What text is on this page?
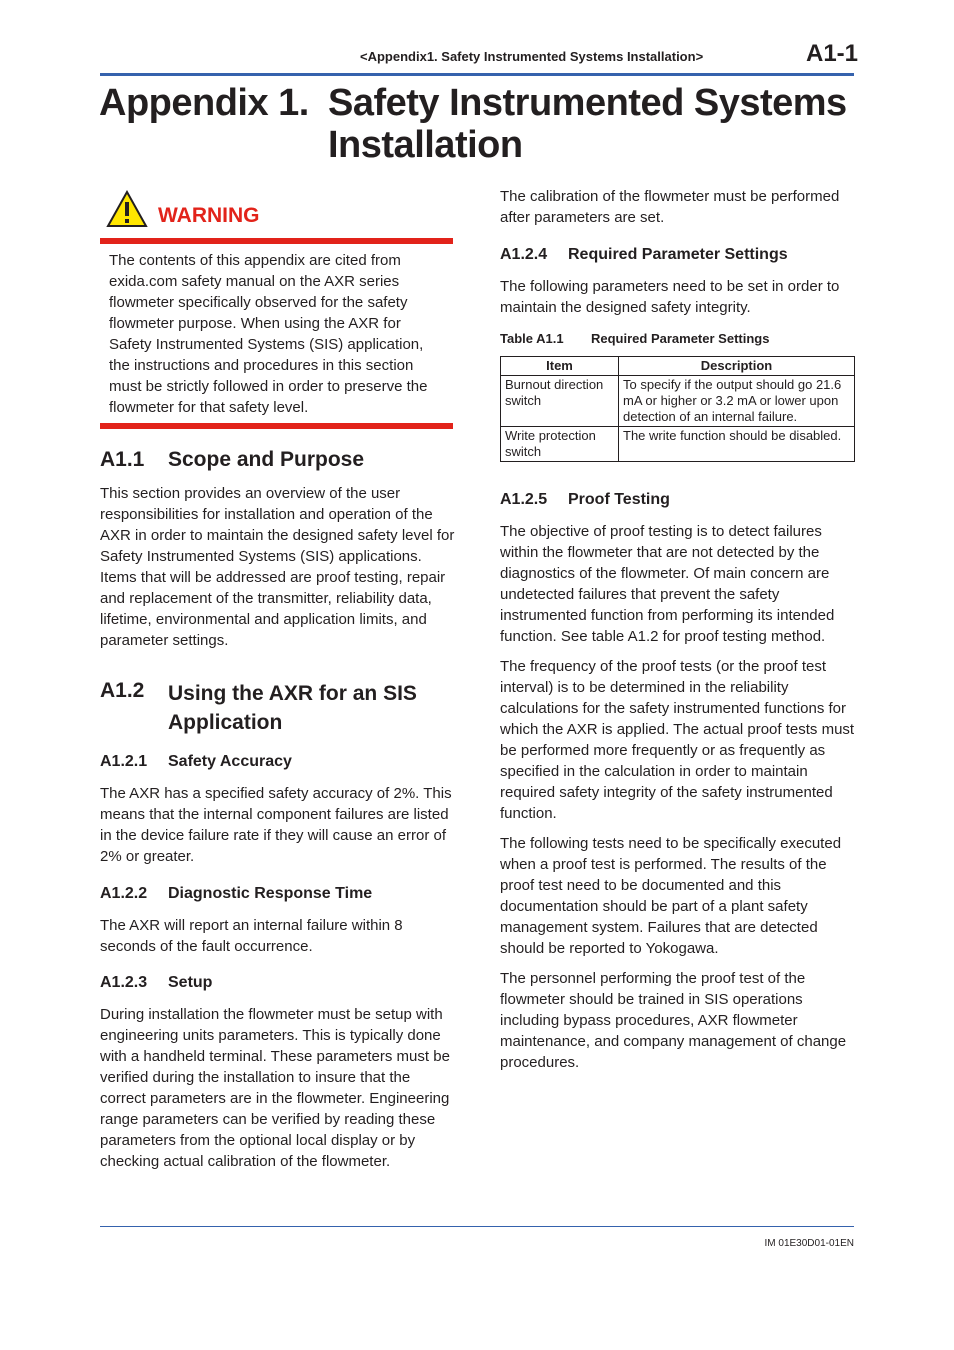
<Appendix1. Safety Instrumented Systems Installation>	A1-1
Appendix 1. Safety Instrumented Systems Installation
WARNING

The contents of this appendix are cited from exida.com safety manual on the AXR series flowmeter specifically observed for the safety flowmeter purpose. When using the AXR for Safety Instrumented Systems (SIS) application, the instructions and procedures in this section must be strictly followed in order to preserve the flowmeter for that safety level.

A1.1 Scope and Purpose

This section provides an overview of the user responsibilities for installation and operation of the AXR in order to maintain the designed safety level for Safety Instrumented Systems (SIS) applications. Items that will be addressed are proof testing, repair and replacement of the transmitter, reliability data, lifetime, environmental and application limits, and parameter settings.

A1.2 Using the AXR for an SIS Application
A1.2.1 Safety Accuracy

The AXR has a specified safety accuracy of 2%. This means that the internal component failures are listed in the device failure rate if they will cause an error of 2% or greater.

A1.2.2 Diagnostic Response Time

The AXR will report an internal failure within 8 seconds of the fault occurrence.

A1.2.3 Setup

During installation the flowmeter must be setup with engineering units parameters. This is typically done with a handheld terminal. These parameters must be verified during the installation to insure that the correct parameters are in the flowmeter. Engineering range parameters can be verified by reading these parameters from the optional local display or by checking actual calibration of the flowmeter.

The calibration of the flowmeter must be performed after parameters are set.

A1.2.4 Required Parameter Settings

The following parameters need to be set in order to maintain the designed safety integrity.

Table A1.1 Required Parameter Settings
Item	Description
Burnout direction switch	To specify if the output should go 21.6 mA or higher or 3.2 mA or lower upon detection of an internal failure.
Write protection switch	The write function should be disabled.
A1.2.5 Proof Testing

The objective of proof testing is to detect failures within the flowmeter that are not detected by the diagnostics of the flowmeter. Of main concern are undetected failures that prevent the safety instrumented function from performing its intended function. See table A1.2 for proof testing method.

The frequency of the proof tests (or the proof test interval) is to be determined in the reliability calculations for the safety instrumented functions for which the AXR is applied. The actual proof tests must be performed more frequently or as frequently as specified in the calculation in order to maintain required safety integrity of the safety instrumented function.

The following tests need to be specifically executed when a proof test is performed. The results of the proof test need to be documented and this documentation should be part of a plant safety management system. Failures that are detected should be reported to Yokogawa.

The personnel performing the proof test of the flowmeter should be trained in SIS operations including bypass procedures, AXR flowmeter maintenance, and company management of change procedures.

IM 01E30D01-01EN
